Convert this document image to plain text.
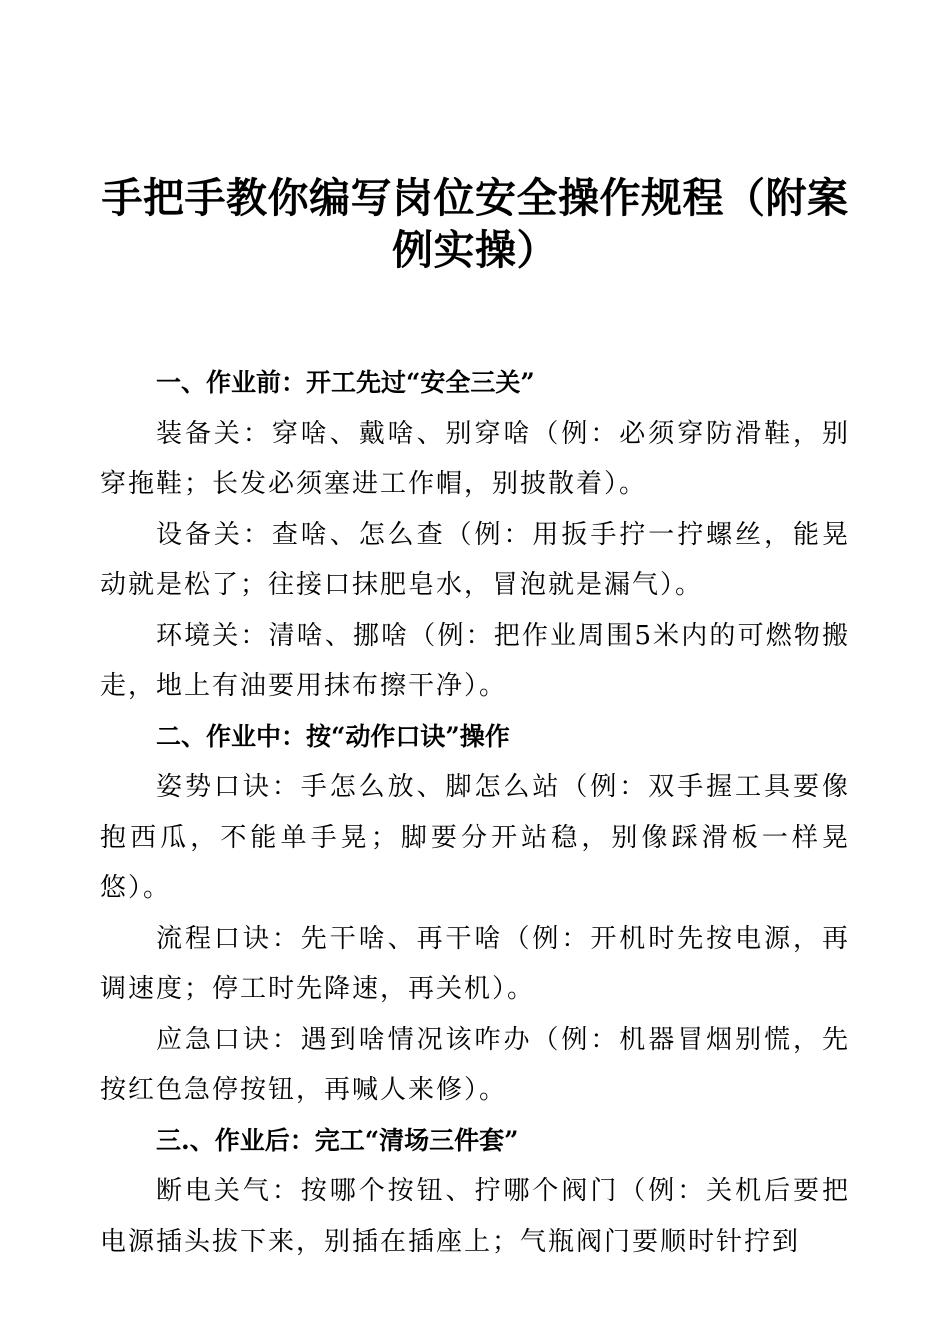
手把手教你编写岗位安全操作规程（附案例实操）

一、作业前：开工先过“安全三关”

装备关：穿啥、戴啥、别穿啥（例：必须穿防滑鞋，别穿拖鞋；长发必须塞进工作帽，别披散着）。

设备关：查啥、怎么查（例：用扳手拧一拧螺丝，能晃动就是松了；往接口抹肥皂水，冒泡就是漏气）。

环境关：清啥、挪啥（例：把作业周围5米内的可燃物搬走，地上有油要用抹布擦干净）。

二、作业中：按“动作口诀”操作

姿势口诀：手怎么放、脚怎么站（例：双手握工具要像抱西瓜，不能单手晃；脚要分开站稳，别像踩滑板一样晃悠）。

流程口诀：先干啥、再干啥（例：开机时先按电源，再调速度；停工时先降速，再关机）。

应急口诀：遇到啥情况该咋办（例：机器冒烟别慌，先按红色急停按钮，再喊人来修）。

三.、作业后：完工“清场三件套”

断电关气：按哪个按钮、拧哪个阀门（例：关机后要把电源插头拔下来，别插在插座上；气瓶阀门要顺时针拧到
